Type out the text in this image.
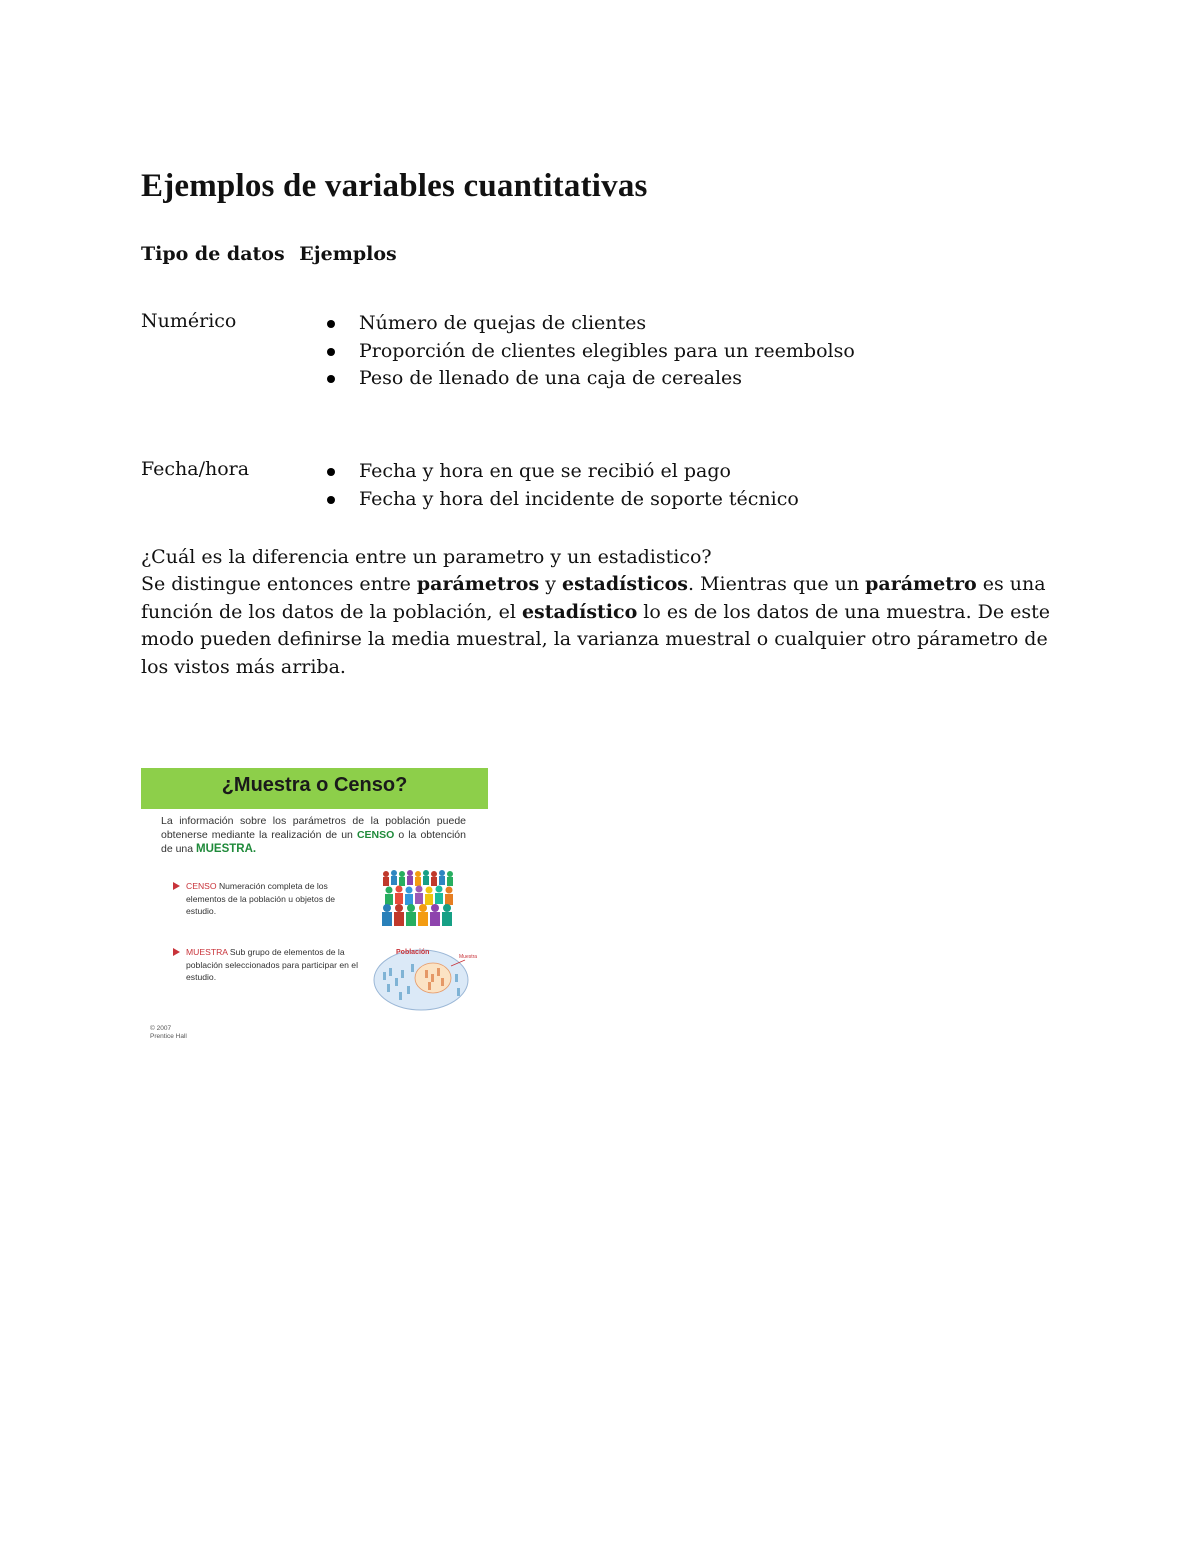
Ejemplos de variables cuantitativas
Tipo de datos Ejemplos
Numérico	Número de quejas de clientes
Proporción de clientes elegibles para un reembolso
Peso de llenado de una caja de cereales
Fecha/hora	Fecha y hora en que se recibió el pago
Fecha y hora del incidente de soporte técnico
¿Cuál es la diferencia entre un parametro y un estadistico?
Se distingue entonces entre parámetros y estadísticos. Mientras que un parámetro es una función de los datos de la población, el estadístico lo es de los datos de una muestra. De este modo pueden definirse la media muestral, la varianza muestral o cualquier otro párametro de los vistos más arriba.
¿Muestra o Censo?
La información sobre los parámetros de la población puede obtenerse mediante la realización de un CENSO o la obtención de una MUESTRA.
CENSO Numeración completa de los elementos de la población u objetos de estudio.
MUESTRA Sub grupo de elementos de la población seleccionados para participar en el estudio.
Población
Muestra
© 2007
Prentice Hall
